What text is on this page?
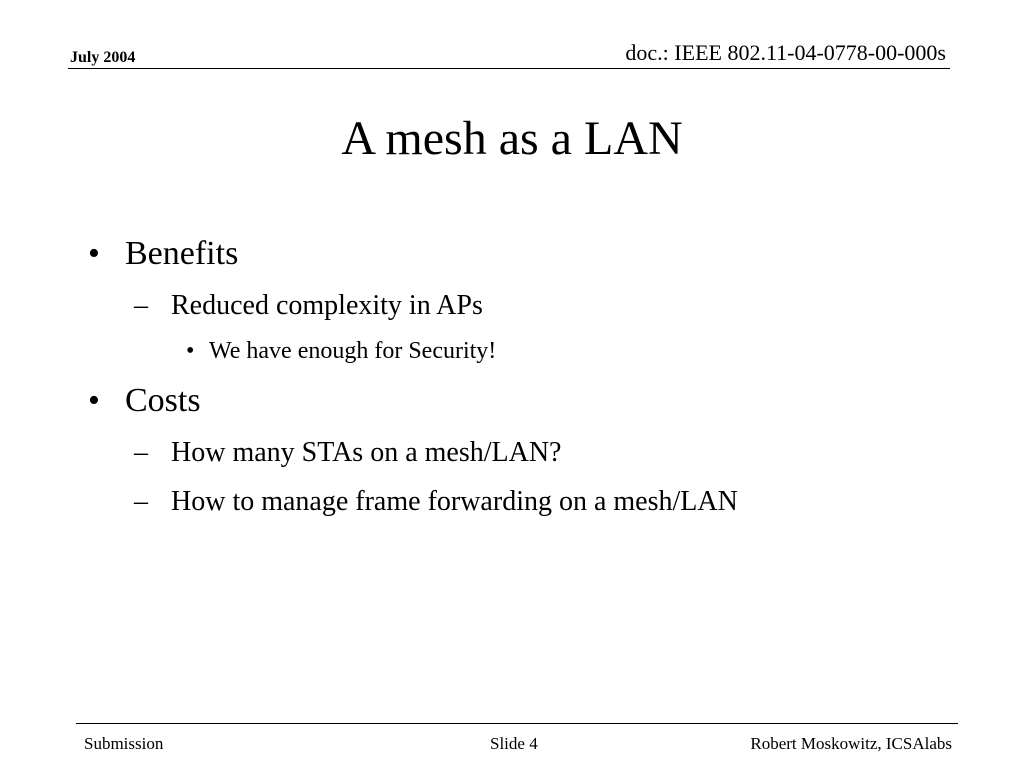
July 2004	doc.: IEEE 802.11-04-0778-00-000s
A mesh as a LAN
• Benefits
– Reduced complexity in APs
• We have enough for Security!
• Costs
– How many STAs on a mesh/LAN?
– How to manage frame forwarding on a mesh/LAN
Submission	Slide 4	Robert Moskowitz, ICSAlabs
